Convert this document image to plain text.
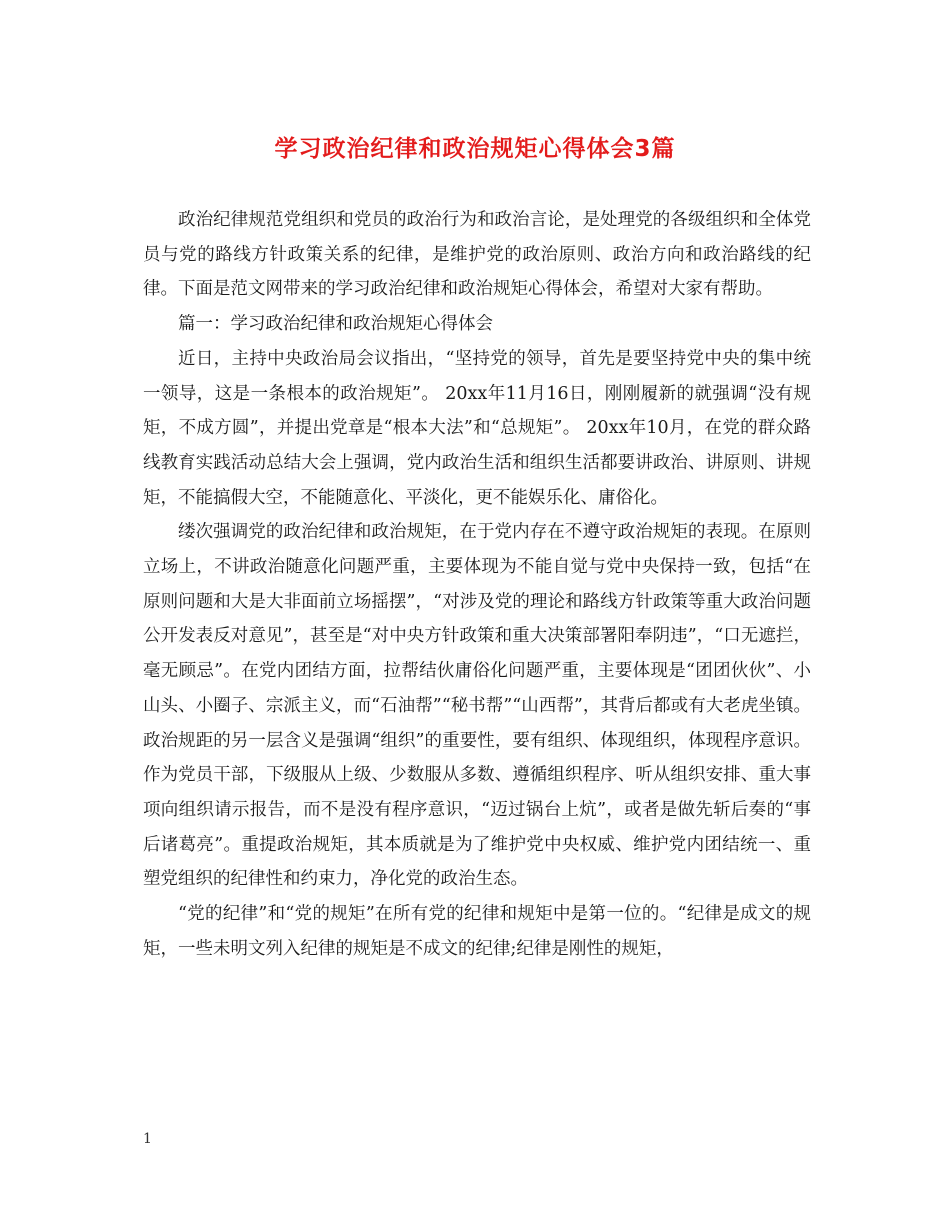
学习政治纪律和政治规矩心得体会3篇

政治纪律规范党组织和党员的政治行为和政治言论，是处理党的各级组织和全体党员与党的路线方针政策关系的纪律，是维护党的政治原则、政治方向和政治路线的纪律。下面是范文网带来的学习政治纪律和政治规矩心得体会，希望对大家有帮助。

篇一：学习政治纪律和政治规矩心得体会

近日，主持中央政治局会议指出，“坚持党的领导，首先是要坚持党中央的集中统一领导，这是一条根本的政治规矩”。 20xx年11月16日，刚刚履新的就强调“没有规矩，不成方圆”，并提出党章是“根本大法”和“总规矩”。 20xx年10月，在党的群众路线教育实践活动总结大会上强调，党内政治生活和组织生活都要讲政治、讲原则、讲规矩，不能搞假大空，不能随意化、平淡化，更不能娱乐化、庸俗化。

缕次强调党的政治纪律和政治规矩，在于党内存在不遵守政治规矩的表现。在原则立场上，不讲政治随意化问题严重，主要体现为不能自觉与党中央保持一致，包括“在原则问题和大是大非面前立场摇摆”，“对涉及党的理论和路线方针政策等重大政治问题公开发表反对意见”，甚至是“对中央方针政策和重大决策部署阳奉阴违”，“口无遮拦，毫无顾忌”。在党内团结方面，拉帮结伙庸俗化问题严重，主要体现是“团团伙伙”、小山头、小圈子、宗派主义，而“石油帮”“秘书帮”“山西帮”，其背后都或有大老虎坐镇。政治规距的另一层含义是强调“组织”的重要性，要有组织、体现组织，体现程序意识。作为党员干部，下级服从上级、少数服从多数、遵循组织程序、听从组织安排、重大事项向组织请示报告，而不是没有程序意识，“迈过锅台上炕”，或者是做先斩后奏的“事后诸葛亮”。重提政治规矩，其本质就是为了维护党中央权威、维护党内团结统一、重塑党组织的纪律性和约束力，净化党的政治生态。

“党的纪律”和“党的规矩”在所有党的纪律和规矩中是第一位的。“纪律是成文的规矩，一些未明文列入纪律的规矩是不成文的纪律;纪律是刚性的规矩，

1
